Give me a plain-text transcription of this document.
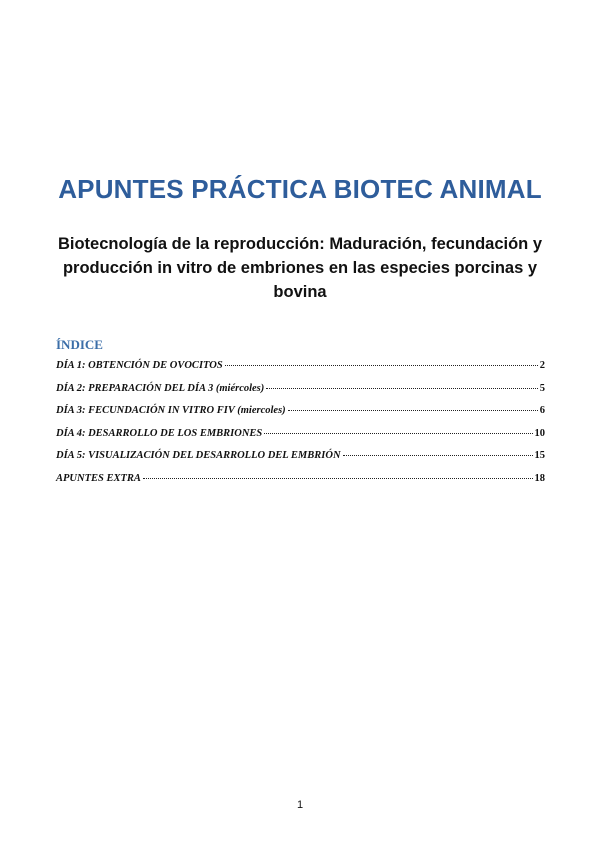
APUNTES PRÁCTICA BIOTEC ANIMAL

Biotecnología de la reproducción: Maduración, fecundación y producción in vitro de embriones en las especies porcinas y bovina

ÍNDICE
DÍA 1: OBTENCIÓN DE OVOCITOS	2
DÍA 2: PREPARACIÓN DEL DÍA 3 (miércoles)	5
DÍA 3: FECUNDACIÓN IN VITRO FIV (miercoles)	6
DÍA 4: DESARROLLO DE LOS EMBRIONES	10
DÍA 5: VISUALIZACIÓN DEL DESARROLLO DEL EMBRIÓN	15
APUNTES EXTRA	18
1
